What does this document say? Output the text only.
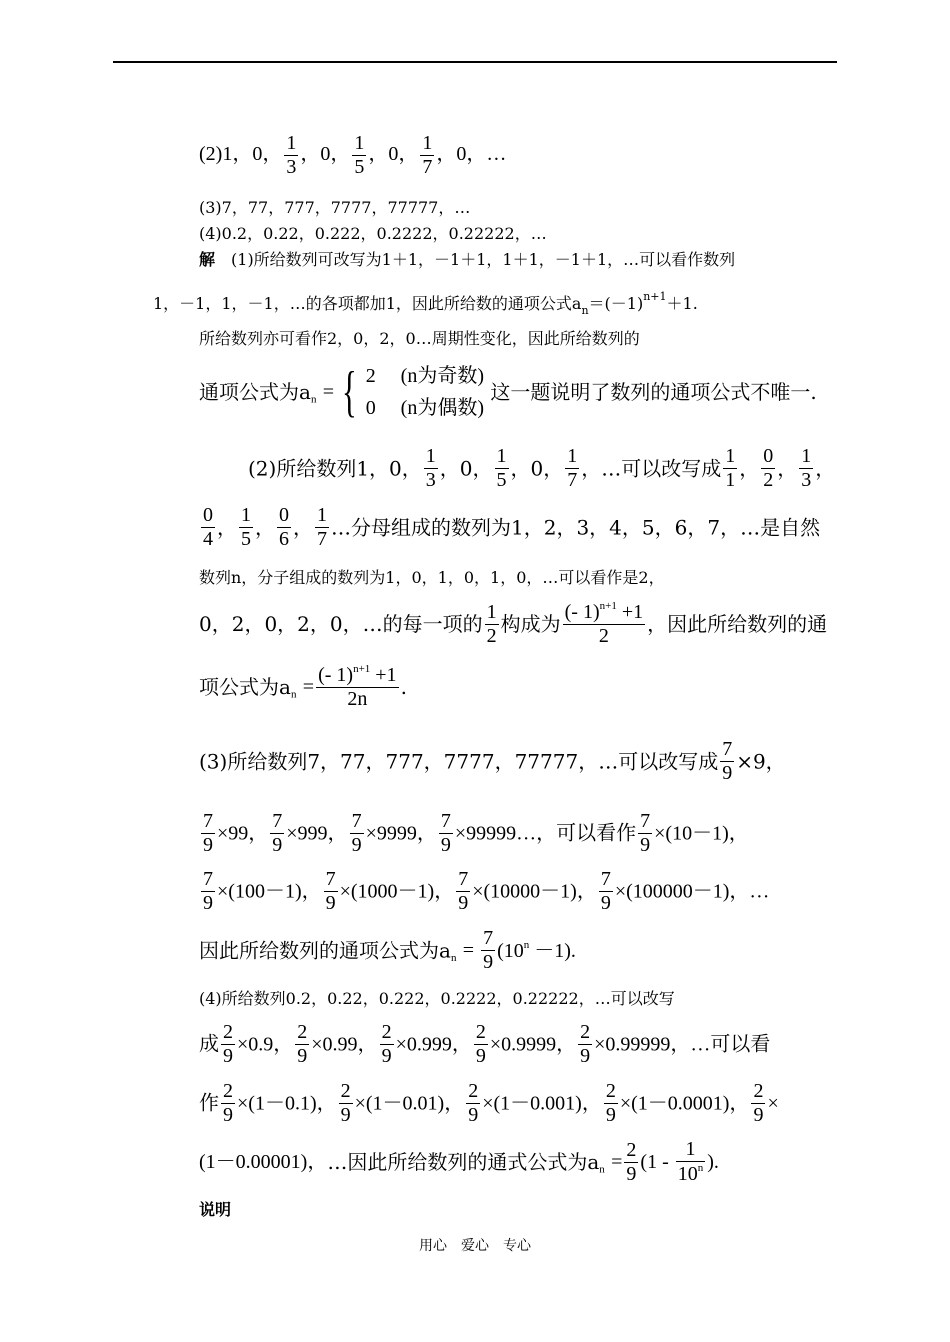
(2)1，0， $\frac{1}{3}$ ，0， $\frac{1}{5}$ ，0， $\frac{1}{7}$ ，0，…
(3)7，77，777，7777，77777，…
(4)0.2，0.22，0.222，0.2222，0.22222，…
解　(1)所给数列可改写为1＋1，－1＋1，1＋1，－1＋1，…可以看作数列
1，－1，1，－1，…的各项都加1，因此所给数的通项公式$a_n=(-1)^{n+1}+1$.
所给数列亦可看作2，0，2，0…周期性变化，因此所给数列的
通项公式为$a_n$ = { 2　 (n为奇数)
0　 (n为偶数)
这一题说明了数列的通项公式不唯一.
(2)所给数列1，0， $\frac{1}{3}$ ，0， $\frac{1}{5}$ ，0， $\frac{1}{7}$ ，…可以改写成 $\frac{1}{1}$ ， $\frac{0}{2}$ ， $\frac{1}{3}$ ，
$\frac{0}{4}$ ， $\frac{1}{5}$ ， $\frac{0}{6}$ ， $\frac{1}{7}$ …分母组成的数列为1，2，3，4，5，6，7，…是自然
数列n，分子组成的数列为1，0，1，0，1，0，…可以看作是2，
0，2，0，2，0，…的每一项的 $\frac{1}{2}$ 构成为 $\frac{(- 1)^{n+1} +1}{2}$ ，因此所给数列的通
项公式为$a_n = \frac{(- 1)^{n+1} +1}{2n}$ .
(3)所给数列7，77，777，7777，77777，…可以改写成 $\frac{7}{9} \times 9$，
$\frac{7}{9} \times 99$， $\frac{7}{9} \times 999$， $\frac{7}{9} \times 9999$， $\frac{7}{9}$ ×99999…，可以看作 $\frac{7}{9} \times(10-1)$，
$\frac{7}{9} \times(100-1)$， $\frac{7}{9} \times(1000-1)$， $\frac{7}{9} \times(10000-1)$， $\frac{7}{9} \times(100000-1)$，…
因此所给数列的通项公式为$a_n = \frac{7}{9} (10^n -1)$.
(4)所给数列0.2，0.22，0.222，0.2222，0.22222，…可以改写
成 $\frac{2}{9} \times 0.9$， $\frac{2}{9} \times 0.99$， $\frac{2}{9} \times 0.999$， $\frac{2}{9} \times 0.9999$， $\frac{2}{9} \times 0.99999$，…可以看
作 $\frac{2}{9} \times(1-0.1)$， $\frac{2}{9} \times(1-0.01)$， $\frac{2}{9} \times(1-0.001)$， $\frac{2}{9} \times(1-0.0001)$， $\frac{2}{9}$ ×
(1－0.00001)，…因此所给数列的通式公式为$a_n = \frac{2}{9} (1 - \frac{1}{10^n}$ ).
说明
用心　爱心　专心
